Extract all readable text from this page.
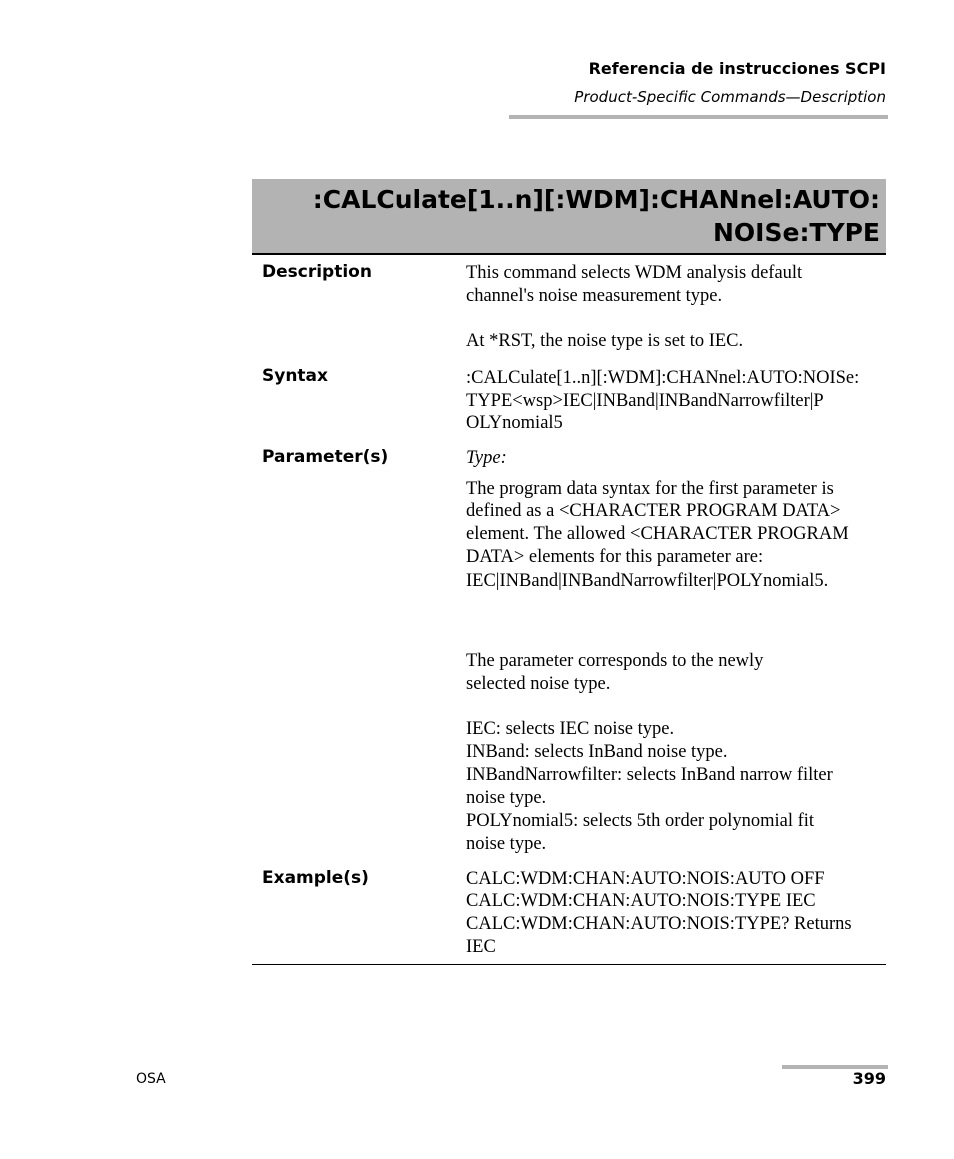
Referencia de instrucciones SCPI
Product-Specific Commands—Description
:CALCulate[1..n][:WDM]:CHANnel:AUTO:
NOISe:TYPE
Description	This command selects WDM analysis default
channel's noise measurement type.
At *RST, the noise type is set to IEC.
Syntax	:CALCulate[1..n][:WDM]:CHANnel:AUTO:NOISe:
TYPE<wsp>IEC|INBand|INBandNarrowfilter|P
OLYnomial5
Parameter(s)	Type:
The program data syntax for the first parameter is
defined as a <CHARACTER PROGRAM DATA>
element. The allowed <CHARACTER PROGRAM
DATA> elements for this parameter are:
IEC|INBand|INBandNarrowfilter|POLYnomial5.
The parameter corresponds to the newly
selected noise type.
IEC: selects IEC noise type.
INBand: selects InBand noise type.
INBandNarrowfilter: selects InBand narrow filter
noise type.
POLYnomial5: selects 5th order polynomial fit
noise type.
Example(s)	CALC:WDM:CHAN:AUTO:NOIS:AUTO OFF
CALC:WDM:CHAN:AUTO:NOIS:TYPE IEC
CALC:WDM:CHAN:AUTO:NOIS:TYPE? Returns
IEC
OSA	399
